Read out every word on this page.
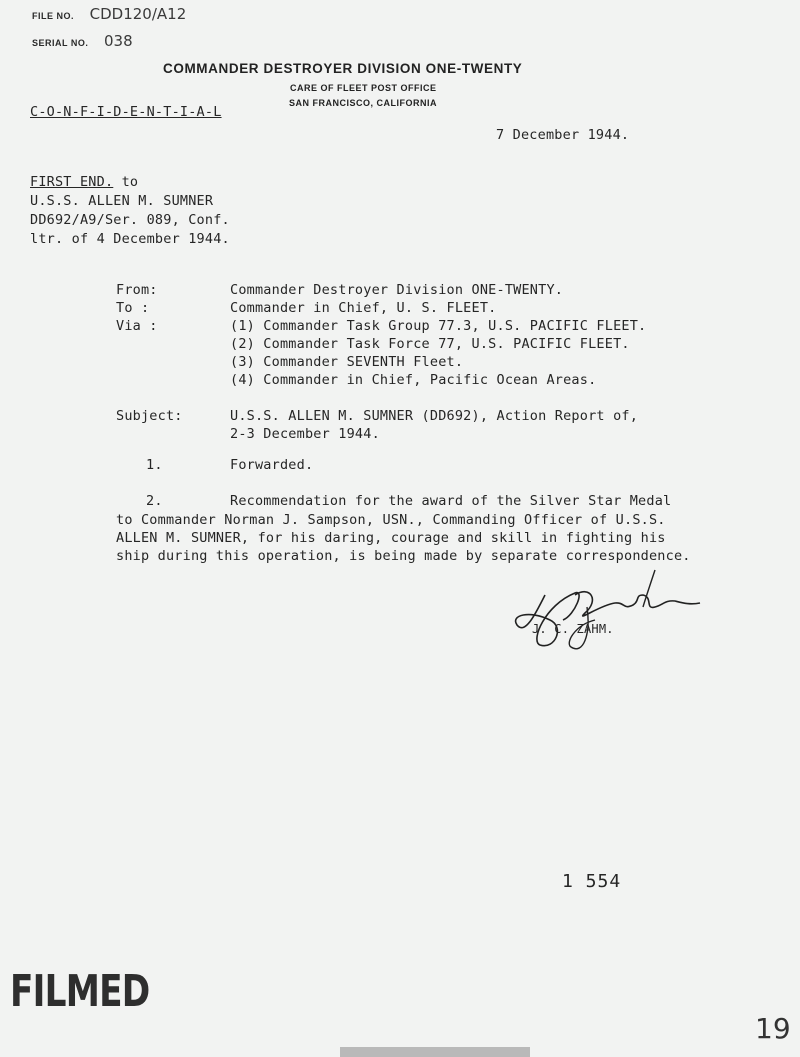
FILE NO. CDD120/A12
SERIAL NO. 038
COMMANDER DESTROYER DIVISION ONE-TWENTY
CARE OF FLEET POST OFFICE
SAN FRANCISCO, CALIFORNIA
C-O-N-F-I-D-E-N-T-I-A-L
7 December 1944.
FIRST END. to
U.S.S. ALLEN M. SUMNER
DD692/A9/Ser. 089, Conf.
ltr. of 4 December 1944.
From:	Commander Destroyer Division ONE-TWENTY.
To :	Commander in Chief, U. S. FLEET.
Via :	(1) Commander Task Group 77.3, U.S. PACIFIC FLEET.
(2) Commander Task Force 77, U.S. PACIFIC FLEET.
(3) Commander SEVENTH Fleet.
(4) Commander in Chief, Pacific Ocean Areas.
Subject:	U.S.S. ALLEN M. SUMNER (DD692), Action Report of,
2-3 December 1944.
1.	Forwarded.
2.	Recommendation for the award of the Silver Star Medal
to Commander Norman J. Sampson, USN., Commanding Officer of U.S.S.
ALLEN M. SUMNER, for his daring, courage and skill in fighting his
ship during this operation, is being made by separate correspondence.
J. C. ZAHM.
1 554
FILMED
19
